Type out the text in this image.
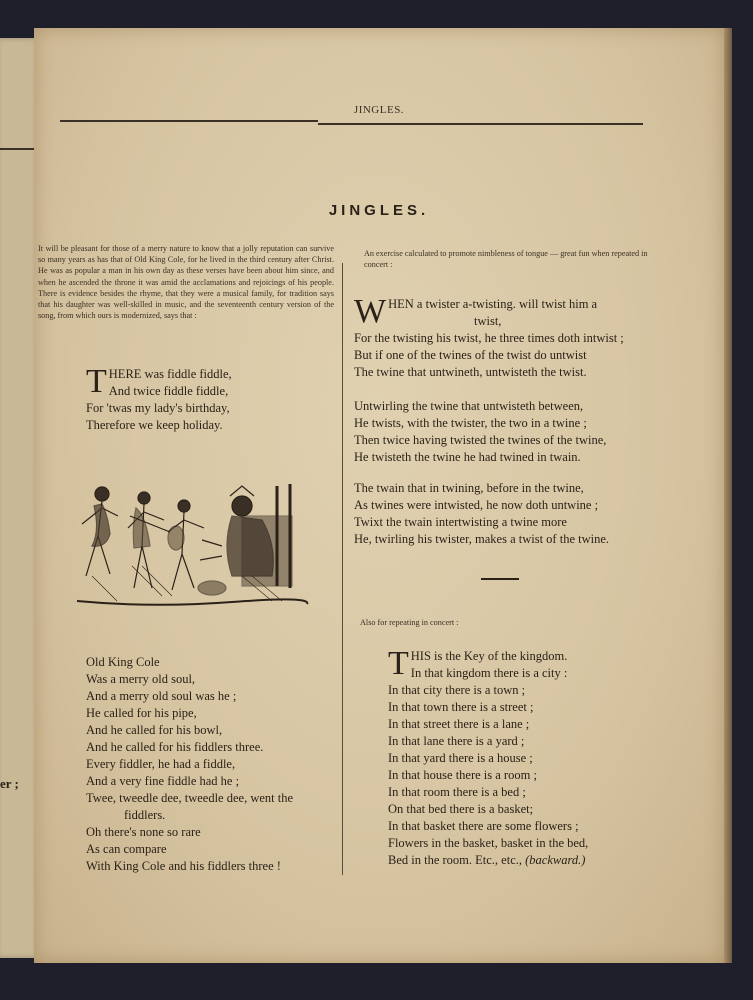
er ;
JINGLES.
JINGLES.
It will be pleasant for those of a merry nature to know that a jolly reputation can survive so many years as has that of Old King Cole, for he lived in the third century after Christ. He was as popular a man in his own day as these verses have been about him since, and when he ascended the throne it was amid the acclamations and rejoicings of his people. There is evidence besides the rhyme, that they were a musical family, for tradition says that his daughter was well-skilled in music, and the seventeenth century version of the song, from which ours is modernized, says that :
T HERE was fiddle fiddle,
And twice fiddle fiddle,
For 'twas my lady's birthday,
Therefore we keep holiday.
Old King Cole
Was a merry old soul,
And a merry old soul was he ;
He called for his pipe,
And he called for his bowl,
And he called for his fiddlers three.
Every fiddler, he had a fiddle,
And a very fine fiddle had he ;
Twee, tweedle dee, tweedle dee, went the
fiddlers.
Oh there's none so rare
As can compare
With King Cole and his fiddlers three !
An exercise calculated to promote nimbleness of tongue — great fun when repeated in concert :
W HEN a twister a-twisting. will twist him a
twist,
For the twisting his twist, he three times doth intwist ;
But if one of the twines of the twist do untwist
The twine that untwineth, untwisteth the twist.
Untwirling the twine that untwisteth between,
He twists, with the twister, the two in a twine ;
Then twice having twisted the twines of the twine,
He twisteth the twine he had twined in twain.
The twain that in twining, before in the twine,
As twines were intwisted, he now doth untwine ;
Twixt the twain intertwisting a twine more
He, twirling his twister, makes a twist of the twine.
Also for repeating in concert :
T HIS is the Key of the kingdom.
In that kingdom there is a city :
In that city there is a town ;
In that town there is a street ;
In that street there is a lane ;
In that lane there is a yard ;
In that yard there is a house ;
In that house there is a room ;
In that room there is a bed ;
On that bed there is a basket;
In that basket there are some flowers ;
Flowers in the basket, basket in the bed,
Bed in the room. Etc., etc., (backward.)
